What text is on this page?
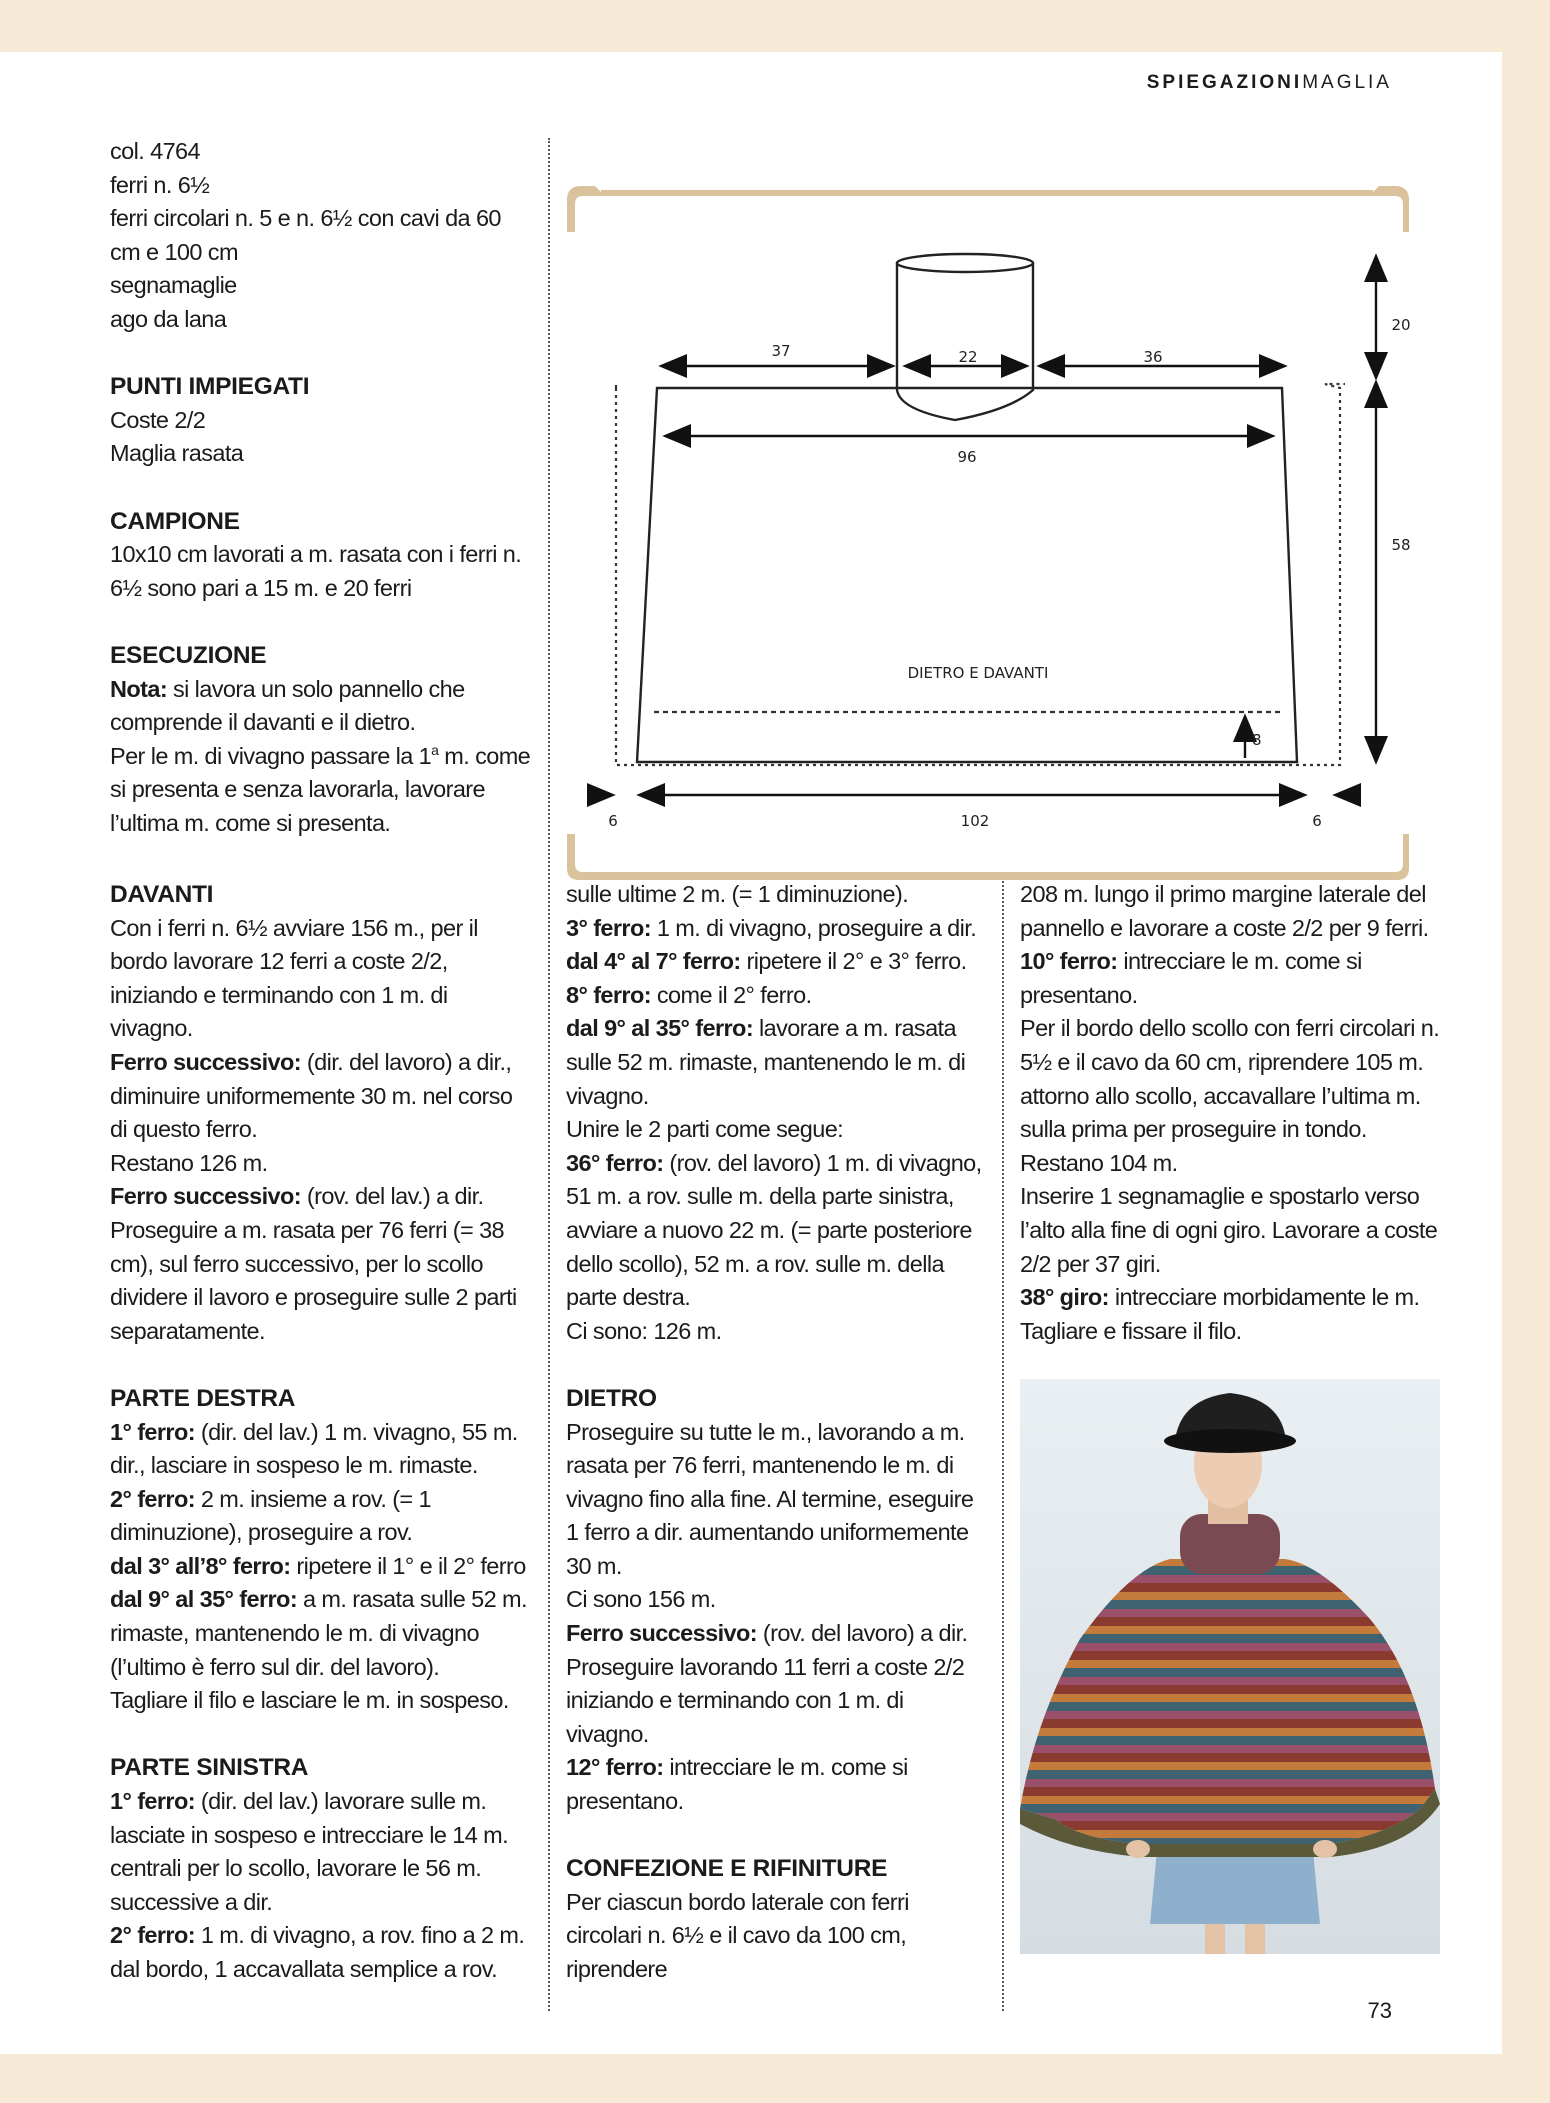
SPIEGAZIONIMAGLIA

col. 4764

ferri n. 6½

ferri circolari n. 5 e n. 6½ con cavi da 60 cm e 100 cm

segnamaglie

ago da lana

PUNTI IMPIEGATI

Coste 2/2

Maglia rasata

CAMPIONE

10x10 cm lavorati a m. rasata con i ferri n. 6½ sono pari a 15 m. e 20 ferri

ESECUZIONE

Nota: si lavora un solo pannello che comprende il davanti e il dietro.

Per le m. di vivagno passare la 1$^a$ m. come si presenta e senza lavorarla, lavorare l’ultima m. come si presenta.

37	22	36
20
96
58
DIETRO E DAVANTI
8
6	102	6
DAVANTI

Con i ferri n. 6½ avviare 156 m., per il bordo lavorare 12 ferri a coste 2/2, iniziando e terminando con 1 m. di vivagno.

Ferro successivo: (dir. del lavoro) a dir., diminuire uniformemente 30 m. nel corso di questo ferro.

Restano 126 m.

Ferro successivo: (rov. del lav.) a dir. Proseguire a m. rasata per 76 ferri (= 38 cm), sul ferro successivo, per lo scollo dividere il lavoro e proseguire sulle 2 parti separatamente.

PARTE DESTRA

1° ferro: (dir. del lav.) 1 m. vivagno, 55 m. dir., lasciare in sospeso le m. rimaste.

2° ferro: 2 m. insieme a rov. (= 1 diminuzione), proseguire a rov.

dal 3° all’8° ferro: ripetere il 1° e il 2° ferro

dal 9° al 35° ferro: a m. rasata sulle 52 m. rimaste, mantenendo le m. di vivagno (l’ultimo è ferro sul dir. del lavoro).

Tagliare il filo e lasciare le m. in sospeso.

PARTE SINISTRA

1° ferro: (dir. del lav.) lavorare sulle m. lasciate in sospeso e intrecciare le 14 m. centrali per lo scollo, lavorare le 56 m. successive a dir.

2° ferro: 1 m. di vivagno, a rov. fino a 2 m. dal bordo, 1 accavallata semplice a rov.

sulle ultime 2 m. (= 1 diminuzione).

3° ferro: 1 m. di vivagno, proseguire a dir.

dal 4° al 7° ferro: ripetere il 2° e 3° ferro.

8° ferro: come il 2° ferro.

dal 9° al 35° ferro: lavorare a m. rasata sulle 52 m. rimaste, mantenendo le m. di vivagno.

Unire le 2 parti come segue:

36° ferro: (rov. del lavoro) 1 m. di vivagno, 51 m. a rov. sulle m. della parte sinistra, avviare a nuovo 22 m. (= parte posteriore dello scollo), 52 m. a rov. sulle m. della parte destra.

Ci sono: 126 m.

DIETRO

Proseguire su tutte le m., lavorando a m. rasata per 76 ferri, mantenendo le m. di vivagno fino alla fine. Al termine, eseguire 1 ferro a dir. aumentando uniformemente 30 m.

Ci sono 156 m.

Ferro successivo: (rov. del lavoro) a dir. Proseguire lavorando 11 ferri a coste 2/2 iniziando e terminando con 1 m. di vivagno.

12° ferro: intrecciare le m. come si presentano.

CONFEZIONE E RIFINITURE

Per ciascun bordo laterale con ferri circolari n. 6½ e il cavo da 100 cm, riprendere

208 m. lungo il primo margine laterale del pannello e lavorare a coste 2/2 per 9 ferri.

10° ferro: intrecciare le m. come si presentano.

Per il bordo dello scollo con ferri circolari n. 5½ e il cavo da 60 cm, riprendere 105 m. attorno allo scollo, accavallare l’ultima m. sulla prima per proseguire in tondo.

Restano 104 m.

Inserire 1 segnamaglie e spostarlo verso l’alto alla fine di ogni giro. Lavorare a coste 2/2 per 37 giri.

38° giro: intrecciare morbidamente le m.

Tagliare e fissare il filo.

73
